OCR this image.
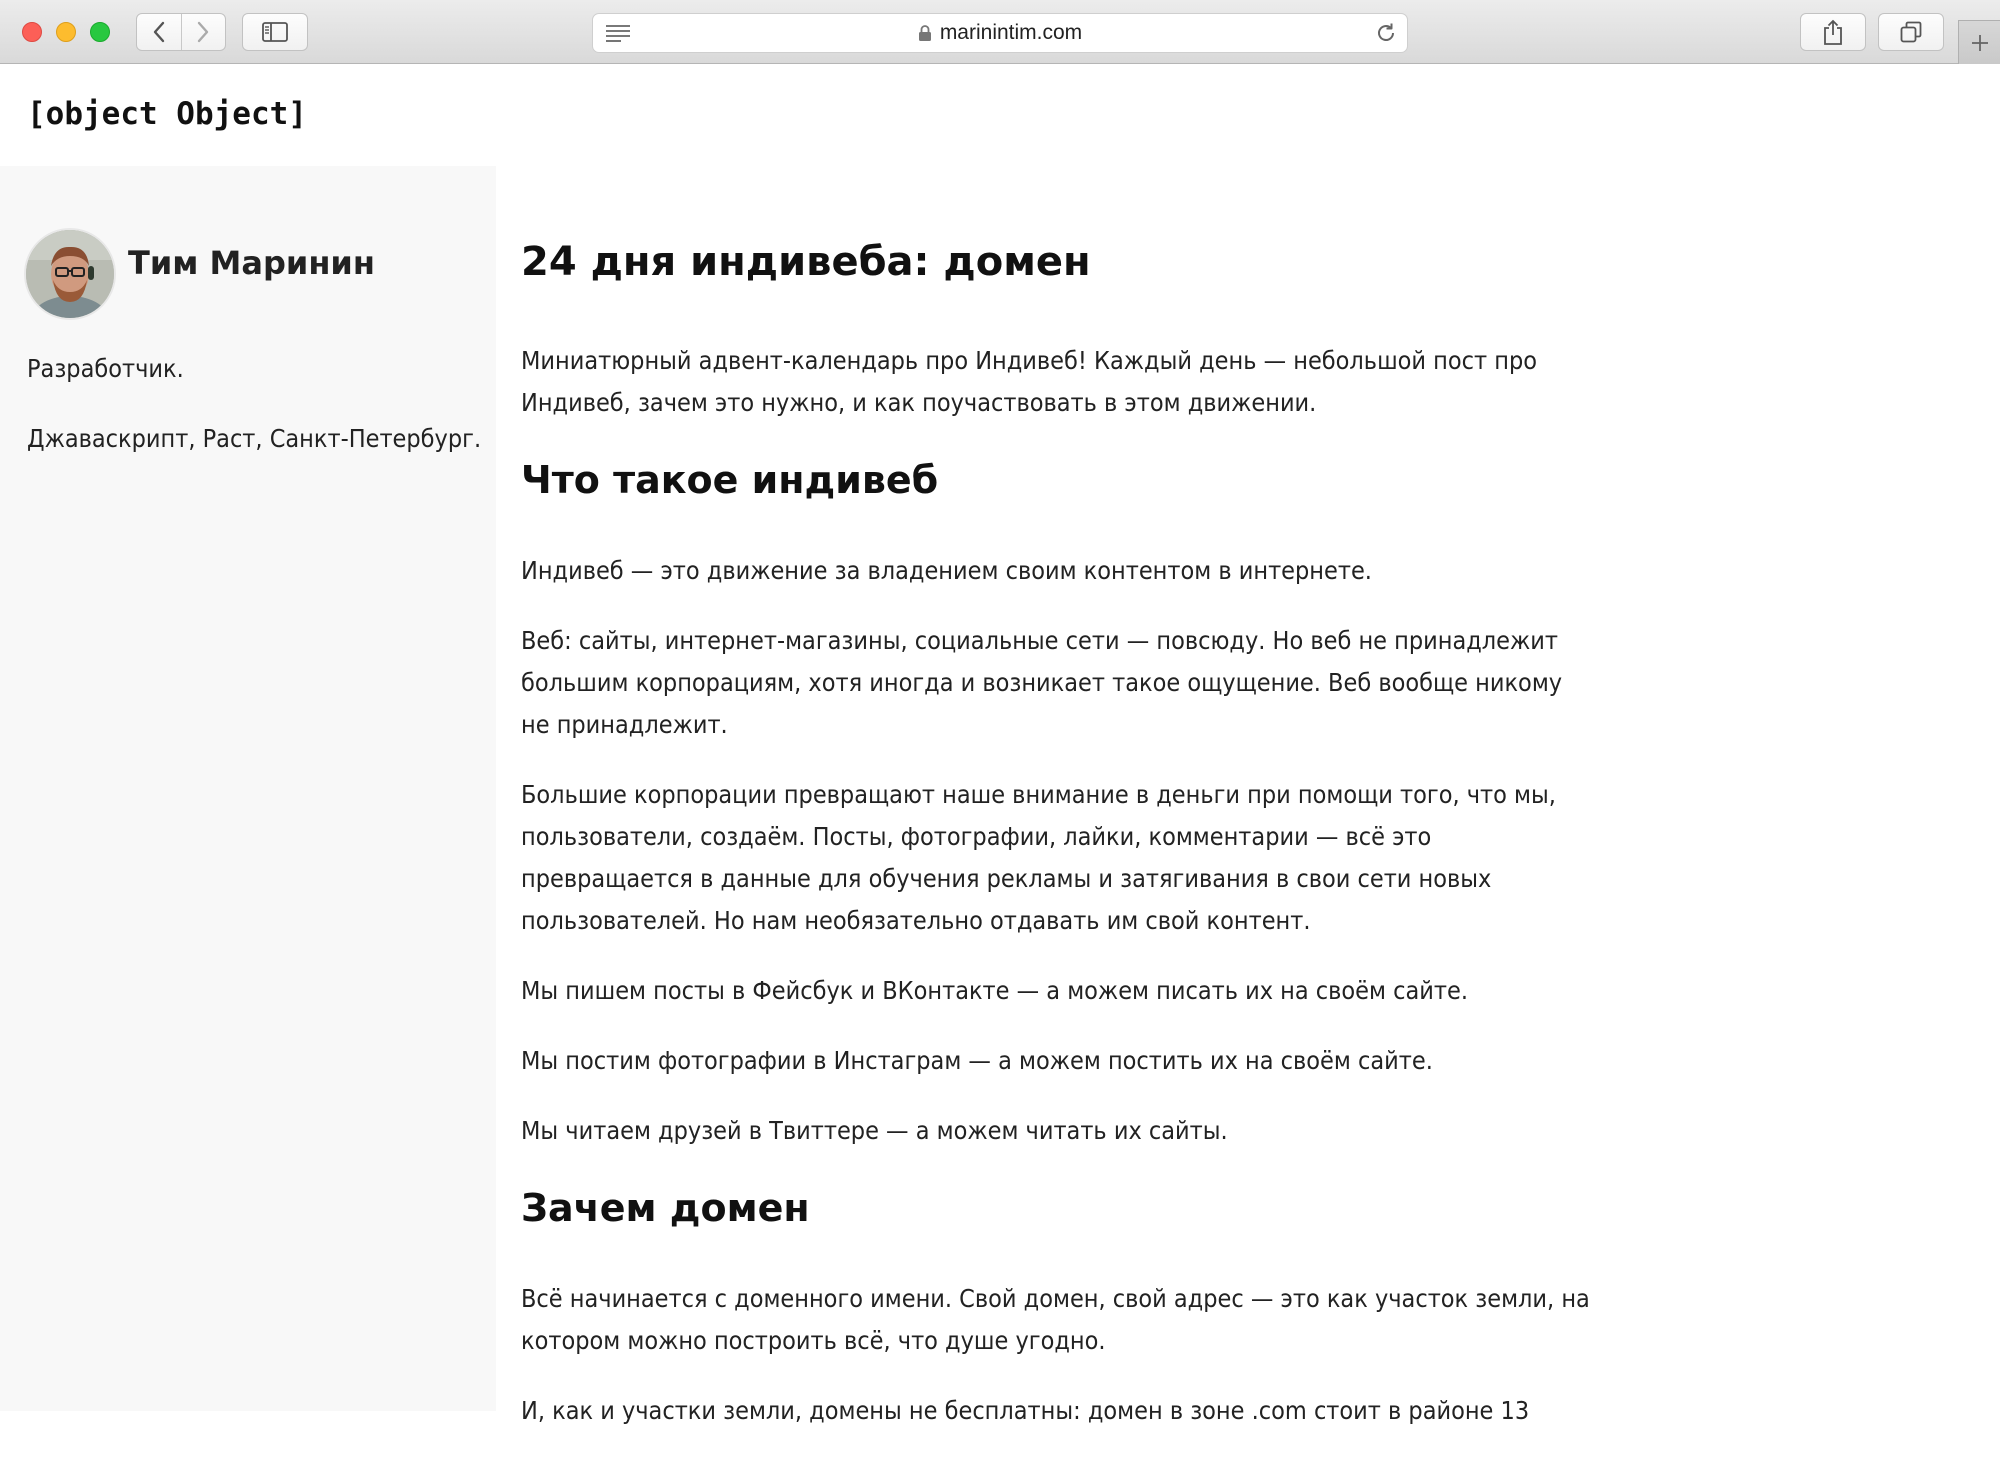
marinintim.com
[object Object]
Тим Маринин

Разработчик.

Джаваскрипт, Раст, Санкт-Петербург.

24 дня индивеба: домен

Миниатюрный адвент-календарь про Индивеб! Каждый день — небольшой пост про Индивеб, зачем это нужно, и как поучаствовать в этом движении.

Что такое индивеб

Индивеб — это движение за владением своим контентом в интернете.

Веб: сайты, интернет-магазины, социальные сети — повсюду. Но веб не принадлежит большим корпорациям, хотя иногда и возникает такое ощущение. Веб вообще никому не принадлежит.

Большие корпорации превращают наше внимание в деньги при помощи того, что мы, пользователи, создаём. Посты, фотографии, лайки, комментарии — всё это превращается в данные для обучения рекламы и затягивания в свои сети новых пользователей. Но нам необязательно отдавать им свой контент.

Мы пишем посты в Фейсбук и ВКонтакте — а можем писать их на своём сайте.

Мы постим фотографии в Инстаграм — а можем постить их на своём сайте.

Мы читаем друзей в Твиттере — а можем читать их сайты.

Зачем домен

Всё начинается с доменного имени. Свой домен, свой адрес — это как участок земли, на котором можно построить всё, что душе угодно.

И, как и участки земли, домены не бесплатны: домен в зоне .com стоит в районе 13
